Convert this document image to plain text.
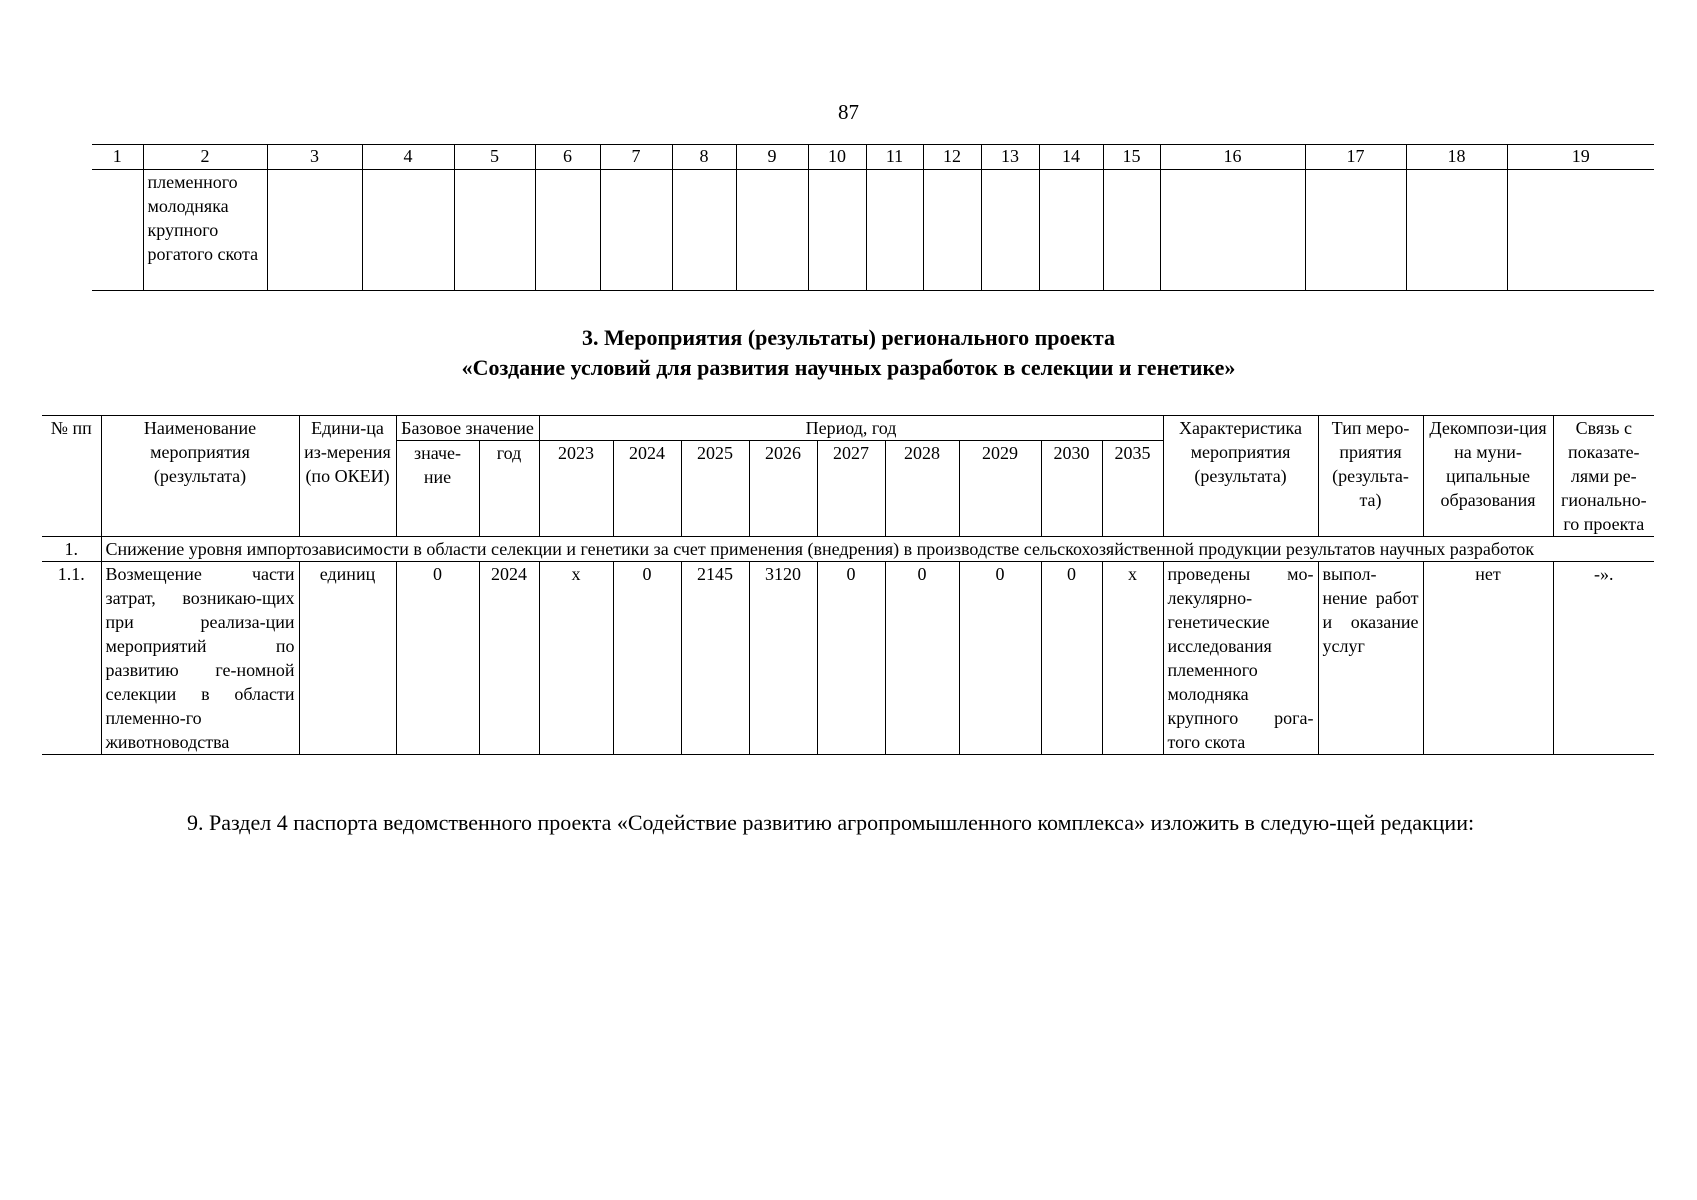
87
1	2	3	4	5	6	7	8	9	10	11	12	13	14	15	16	17	18	19
	племенного молодняка крупного рогатого скота																	
3. Мероприятия (результаты) регионального проекта
«Создание условий для развития научных разработок в селекции и генетике»
№ пп	Наименование мероприятия (результата)	Едини-ца из-мерения (по ОКЕИ)	Базовое значение		Период, год									Характеристика мероприятия (результата)	Тип меро-приятия (результа-та)	Декомпози-ция на муни-ципальные образования	Связь с показате-лями ре-гионально-го проекта
			значе-ние	год	2023	2024	2025	2026	2027	2028	2029	2030	2035				

1.	Снижение уровня импортозависимости в области селекции и генетики за счет применения (внедрения) в производстве сельскохозяйственной продукции результатов научных разработок																
1.1.	Возмещение части затрат, возникаю-щих при реализа-ции мероприятий по развитию ге-номной селекции в области племенно-го животноводства	единиц	0	2024	х	0	2145	3120	0	0	0	0	х	проведены мо-лекулярно-генетические исследования племенного молодняка крупного рога-того скота	выпол-нение работ и оказание услуг	нет	-».
9. Раздел 4 паспорта ведомственного проекта «Содействие развитию агропромышленного комплекса» изложить в следую-щей редакции:
